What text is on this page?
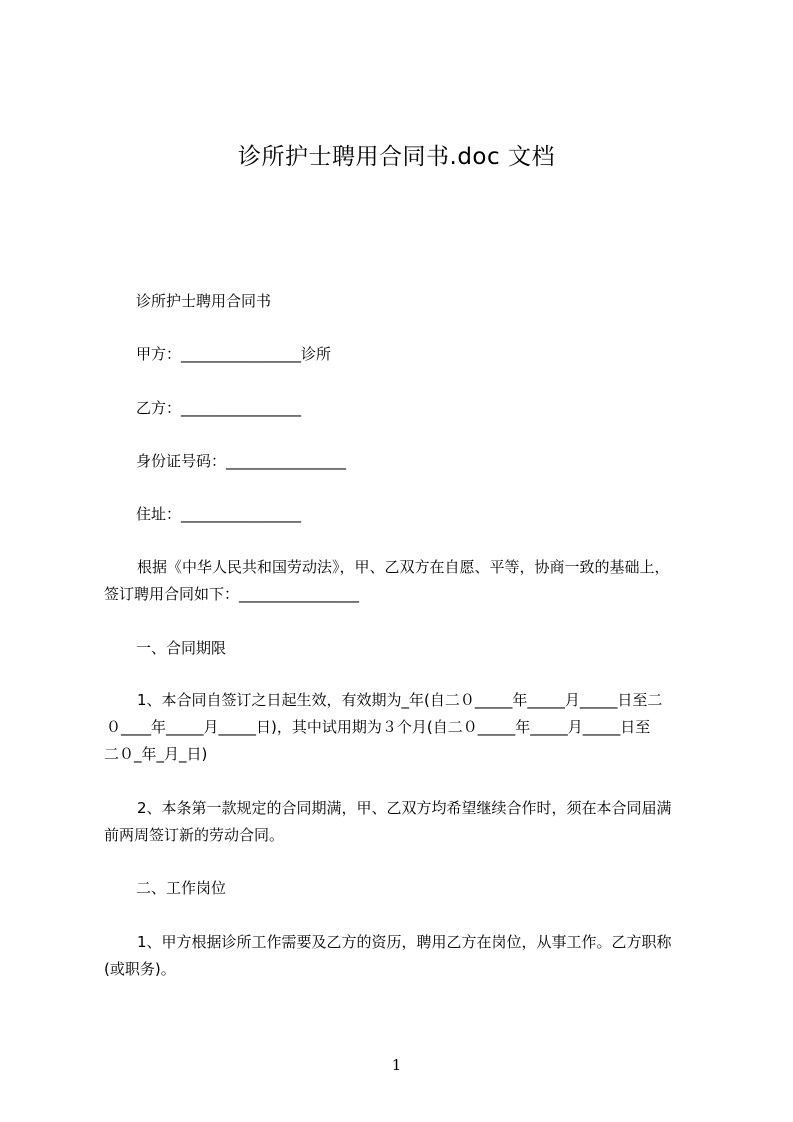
诊所护士聘用合同书.doc 文档
诊所护士聘用合同书
甲方：________________诊所
乙方：________________
身份证号码：________________
住址：________________
根据《中华人民共和国劳动法》，甲、乙双方在自愿、平等，协商一致的基础上，
签订聘用合同如下：________________
一、合同期限
1、本合同自签订之日起生效，有效期为_年(自二０_____年_____月_____日至二
０____年_____月_____日)，其中试用期为３个月(自二０_____年_____月_____日至
二０_年_月_日)
2、本条第一款规定的合同期满，甲、乙双方均希望继续合作时，须在本合同届满
前两周签订新的劳动合同。
二、工作岗位
1、甲方根据诊所工作需要及乙方的资历，聘用乙方在岗位，从事工作。乙方职称
(或职务)。
1
